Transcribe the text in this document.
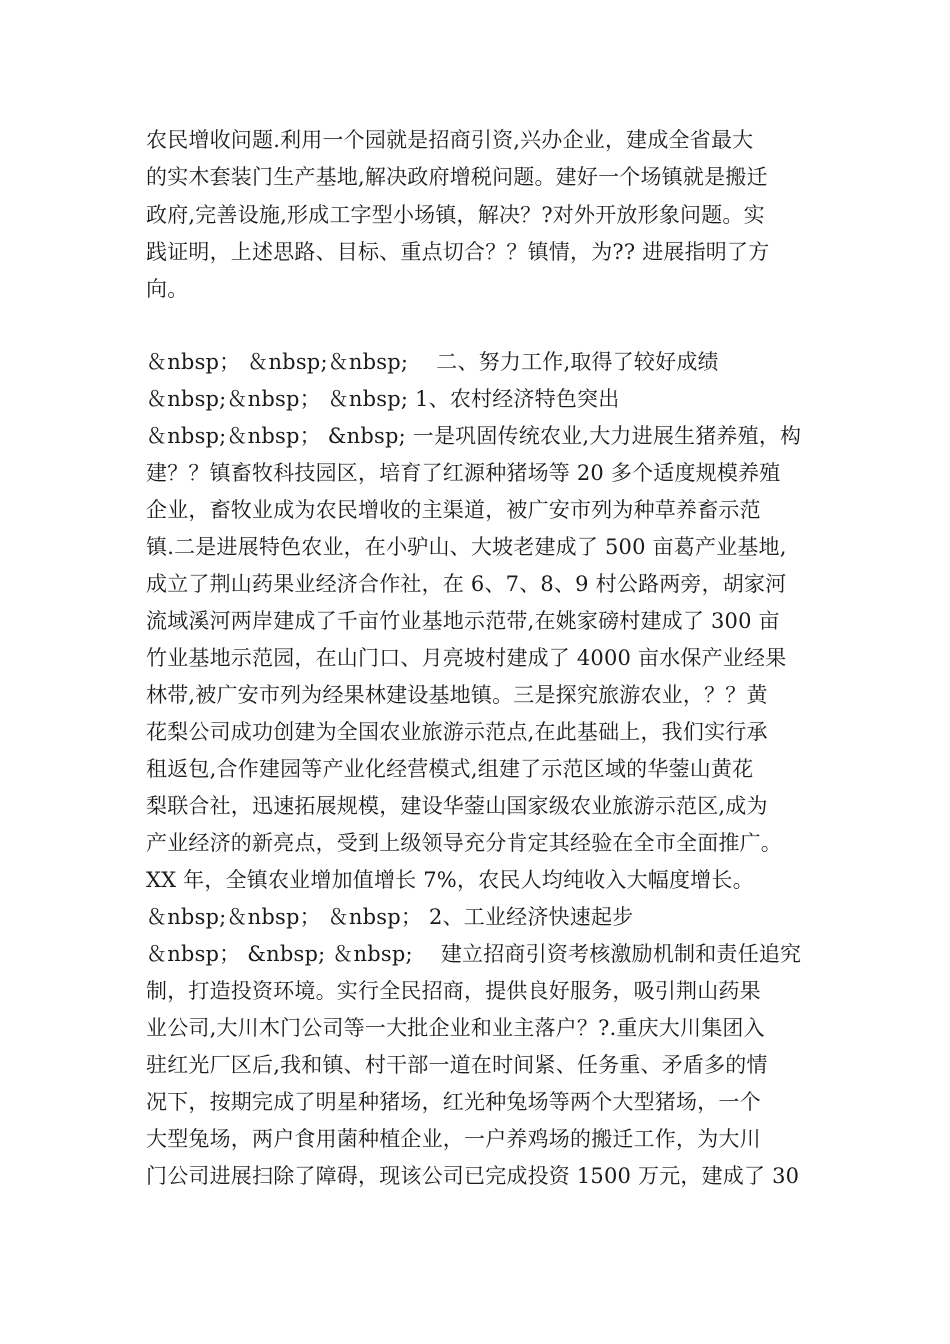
农民增收问题.利用一个园就是招商引资,兴办企业，建成全省最大
的实木套装门生产基地,解决政府增税问题。建好一个场镇就是搬迁
政府,完善设施,形成工字型小场镇，解决？?对外开放形象问题。实
践证明，上述思路、目标、重点切合？？镇情，为?? 进展指明了方
向。
＆nbsp； ＆nbsp;＆nbsp;　 二、努力工作,取得了较好成绩
＆nbsp;＆nbsp； ＆nbsp; 1、农村经济特色突出
＆nbsp;＆nbsp； &nbsp; 一是巩固传统农业,大力进展生猪养殖，构
建？？镇畜牧科技园区，培育了红源种猪场等 20 多个适度规模养殖
企业，畜牧业成为农民增收的主渠道，被广安市列为种草养畜示范
镇.二是进展特色农业，在小驴山、大坡老建成了 500 亩葛产业基地,
成立了荆山药果业经济合作社，在 6、7、8、9 村公路两旁，胡家河
流域溪河两岸建成了千亩竹业基地示范带,在姚家磅村建成了 300 亩
竹业基地示范园，在山门口、月亮坡村建成了 4000 亩水保产业经果
林带,被广安市列为经果林建设基地镇。三是探究旅游农业，？？黄
花梨公司成功创建为全国农业旅游示范点,在此基础上，我们实行承
租返包,合作建园等产业化经营模式,组建了示范区域的华蓥山黄花
梨联合社，迅速拓展规模，建设华蓥山国家级农业旅游示范区,成为
产业经济的新亮点，受到上级领导充分肯定其经验在全市全面推广。
XX 年，全镇农业增加值增长 7%，农民人均纯收入大幅度增长。
＆nbsp;＆nbsp； ＆nbsp； 2、工业经济快速起步
＆nbsp； &nbsp; ＆nbsp;　 建立招商引资考核激励机制和责任追究
制，打造投资环境。实行全民招商，提供良好服务，吸引荆山药果
业公司,大川木门公司等一大批企业和业主落户？?.重庆大川集团入
驻红光厂区后,我和镇、村干部一道在时间紧、任务重、矛盾多的情
况下，按期完成了明星种猪场，红光种兔场等两个大型猪场，一个
大型兔场，两户食用菌种植企业，一户养鸡场的搬迁工作，为大川
门公司进展扫除了障碍，现该公司已完成投资 1500 万元，建成了 30
